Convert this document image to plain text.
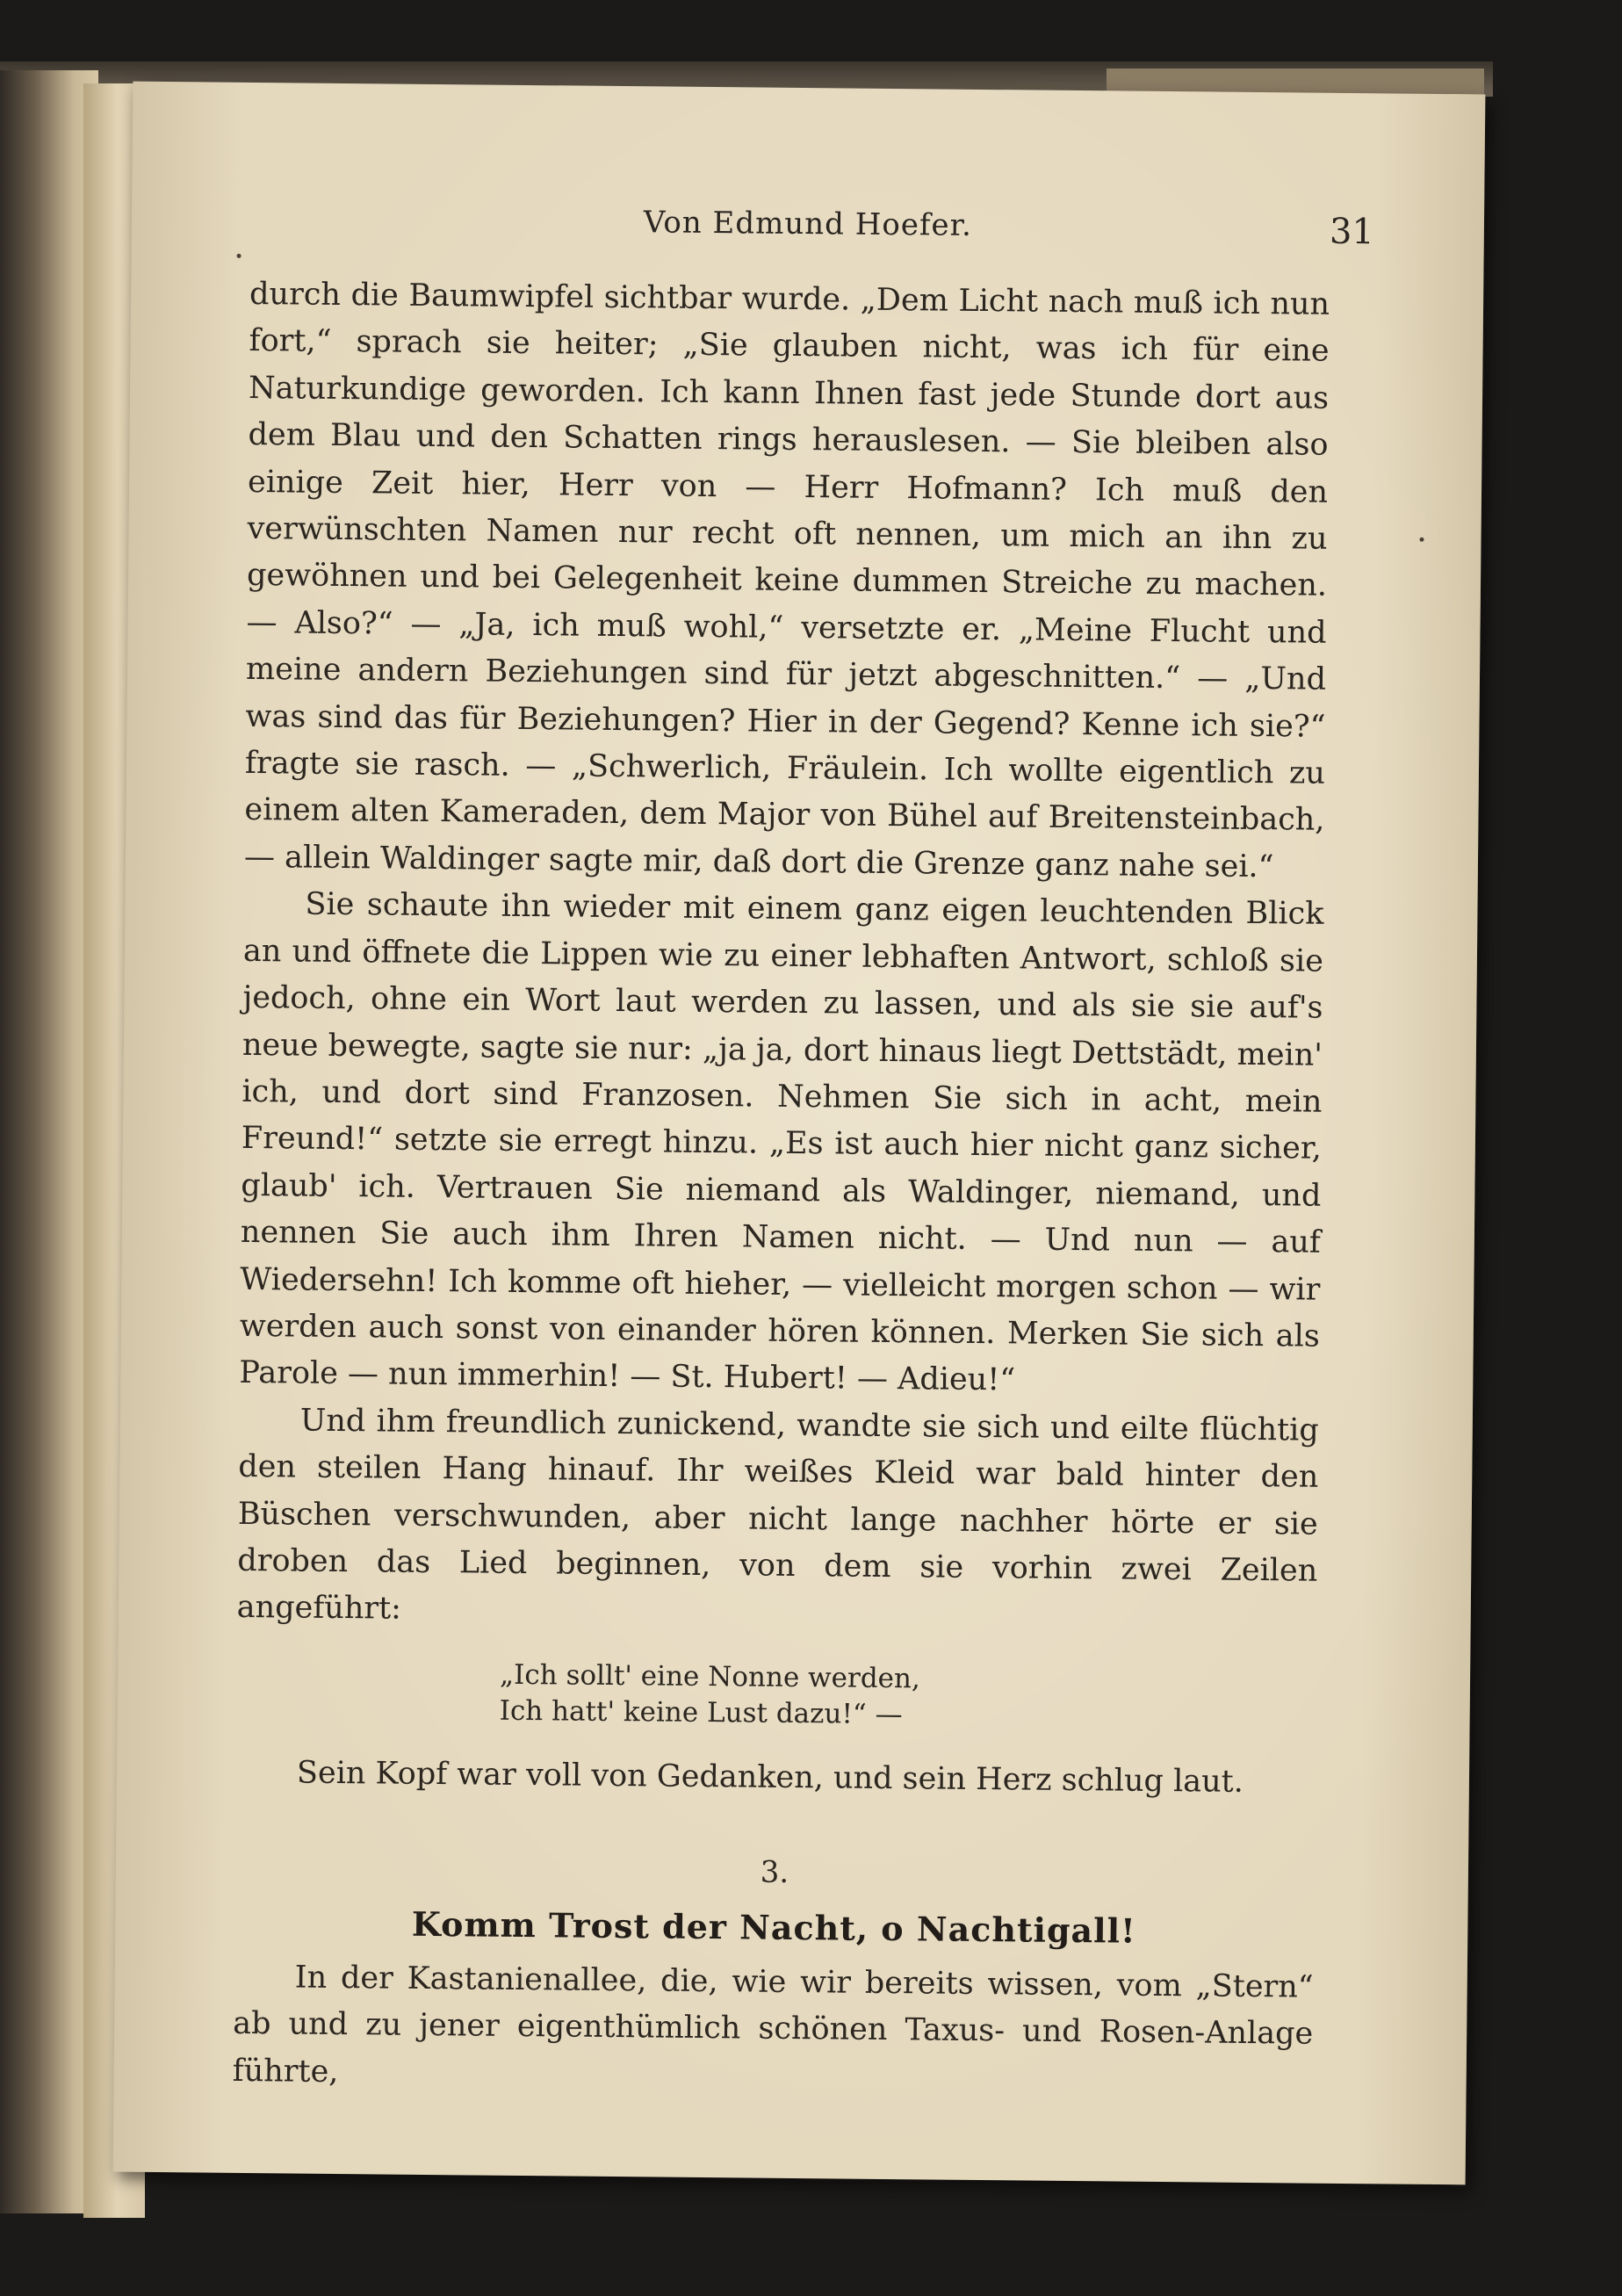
Von Edmund Hoefer.	31

durch die Baumwipfel sichtbar wurde. „Dem Licht nach muß ich nun fort,“ sprach sie heiter; „Sie glauben nicht, was ich für eine Naturkundige geworden. Ich kann Ihnen fast jede Stunde dort aus dem Blau und den Schatten rings herauslesen. — Sie bleiben also einige Zeit hier, Herr von — Herr Hofmann? Ich muß den verwünschten Namen nur recht oft nennen, um mich an ihn zu gewöhnen und bei Gelegenheit keine dummen Streiche zu machen. — Also?“ — „Ja, ich muß wohl,“ versetzte er. „Meine Flucht und meine andern Beziehungen sind für jetzt abgeschnitten.“ — „Und was sind das für Beziehungen? Hier in der Gegend? Kenne ich sie?“ fragte sie rasch. — „Schwerlich, Fräulein. Ich wollte eigentlich zu einem alten Kameraden, dem Major von Bühel auf Breitensteinbach, — allein Waldinger sagte mir, daß dort die Grenze ganz nahe sei.“

Sie schaute ihn wieder mit einem ganz eigen leuchtenden Blick an und öffnete die Lippen wie zu einer lebhaften Antwort, schloß sie jedoch, ohne ein Wort laut werden zu lassen, und als sie sie auf's neue bewegte, sagte sie nur: „ja ja, dort hinaus liegt Dettstädt, mein' ich, und dort sind Franzosen. Nehmen Sie sich in acht, mein Freund!“ setzte sie erregt hinzu. „Es ist auch hier nicht ganz sicher, glaub' ich. Vertrauen Sie niemand als Waldinger, niemand, und nennen Sie auch ihm Ihren Namen nicht. — Und nun — auf Wiedersehn! Ich komme oft hieher, — vielleicht morgen schon — wir werden auch sonst von einander hören können. Merken Sie sich als Parole — nun immerhin! — St. Hubert! — Adieu!“

Und ihm freundlich zunickend, wandte sie sich und eilte flüchtig den steilen Hang hinauf. Ihr weißes Kleid war bald hinter den Büschen verschwunden, aber nicht lange nachher hörte er sie droben das Lied beginnen, von dem sie vorhin zwei Zeilen angeführt:

„Ich sollt' eine Nonne werden,
Ich hatt' keine Lust dazu!“ —

Sein Kopf war voll von Gedanken, und sein Herz schlug laut.

3.
Komm Trost der Nacht, o Nachtigall!

In der Kastanienallee, die, wie wir bereits wissen, vom „Stern“ ab und zu jener eigenthümlich schönen Taxus- und Rosen-Anlage führte,
